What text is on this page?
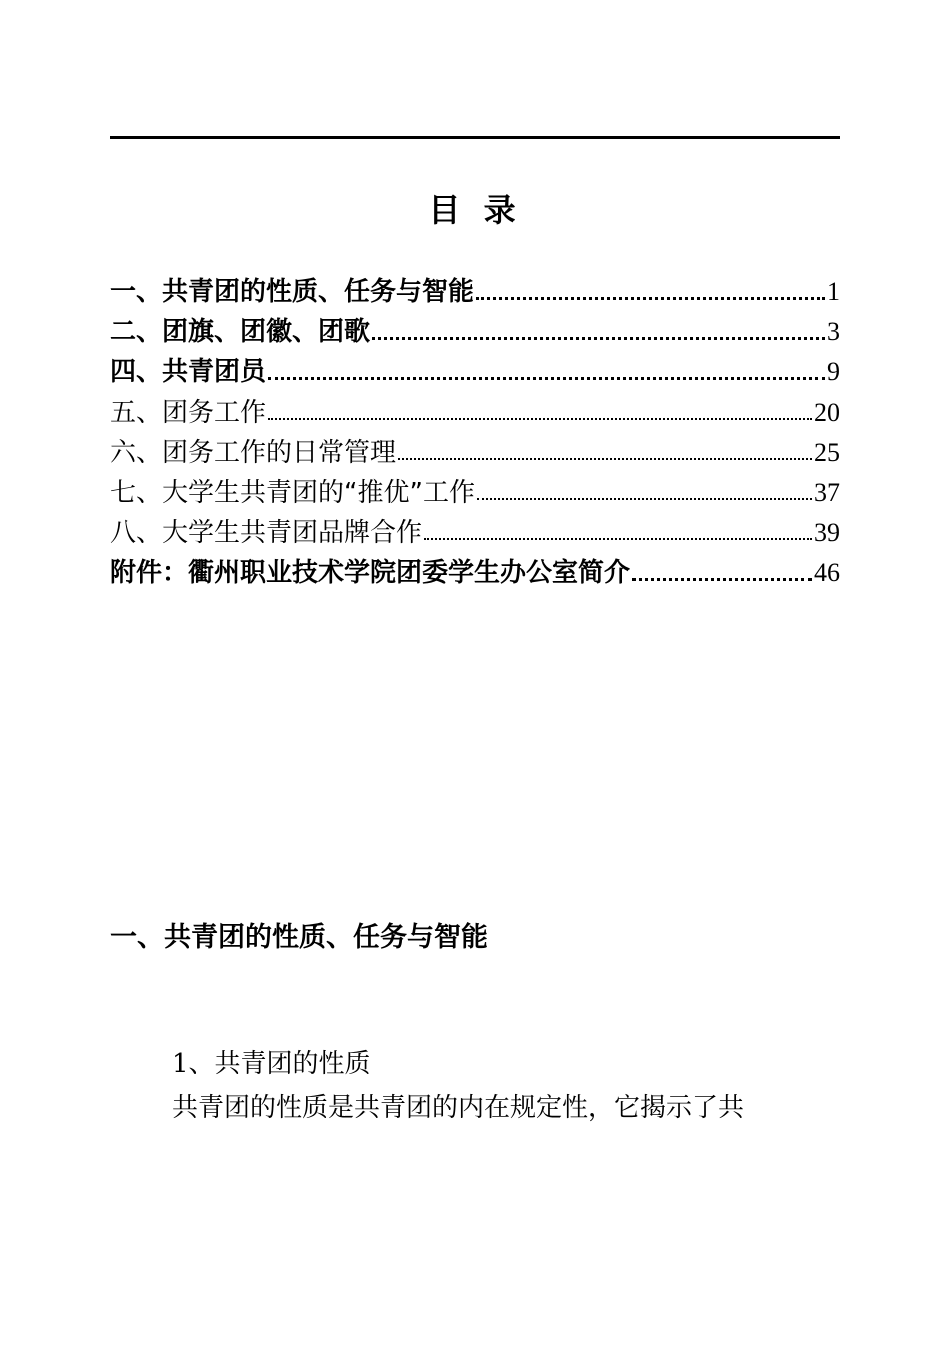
目 录
一、共青团的性质、任务与智能	1
二、团旗、团徽、团歌	3
四、共青团员	9
五、团务工作	20
六、团务工作的日常管理	25
七、大学生共青团的“推优”工作	37
八、大学生共青团品牌合作	39
附件：衢州职业技术学院团委学生办公室简介	46
一、共青团的性质、任务与智能
1、共青团的性质
共青团的性质是共青团的内在规定性，它揭示了共
